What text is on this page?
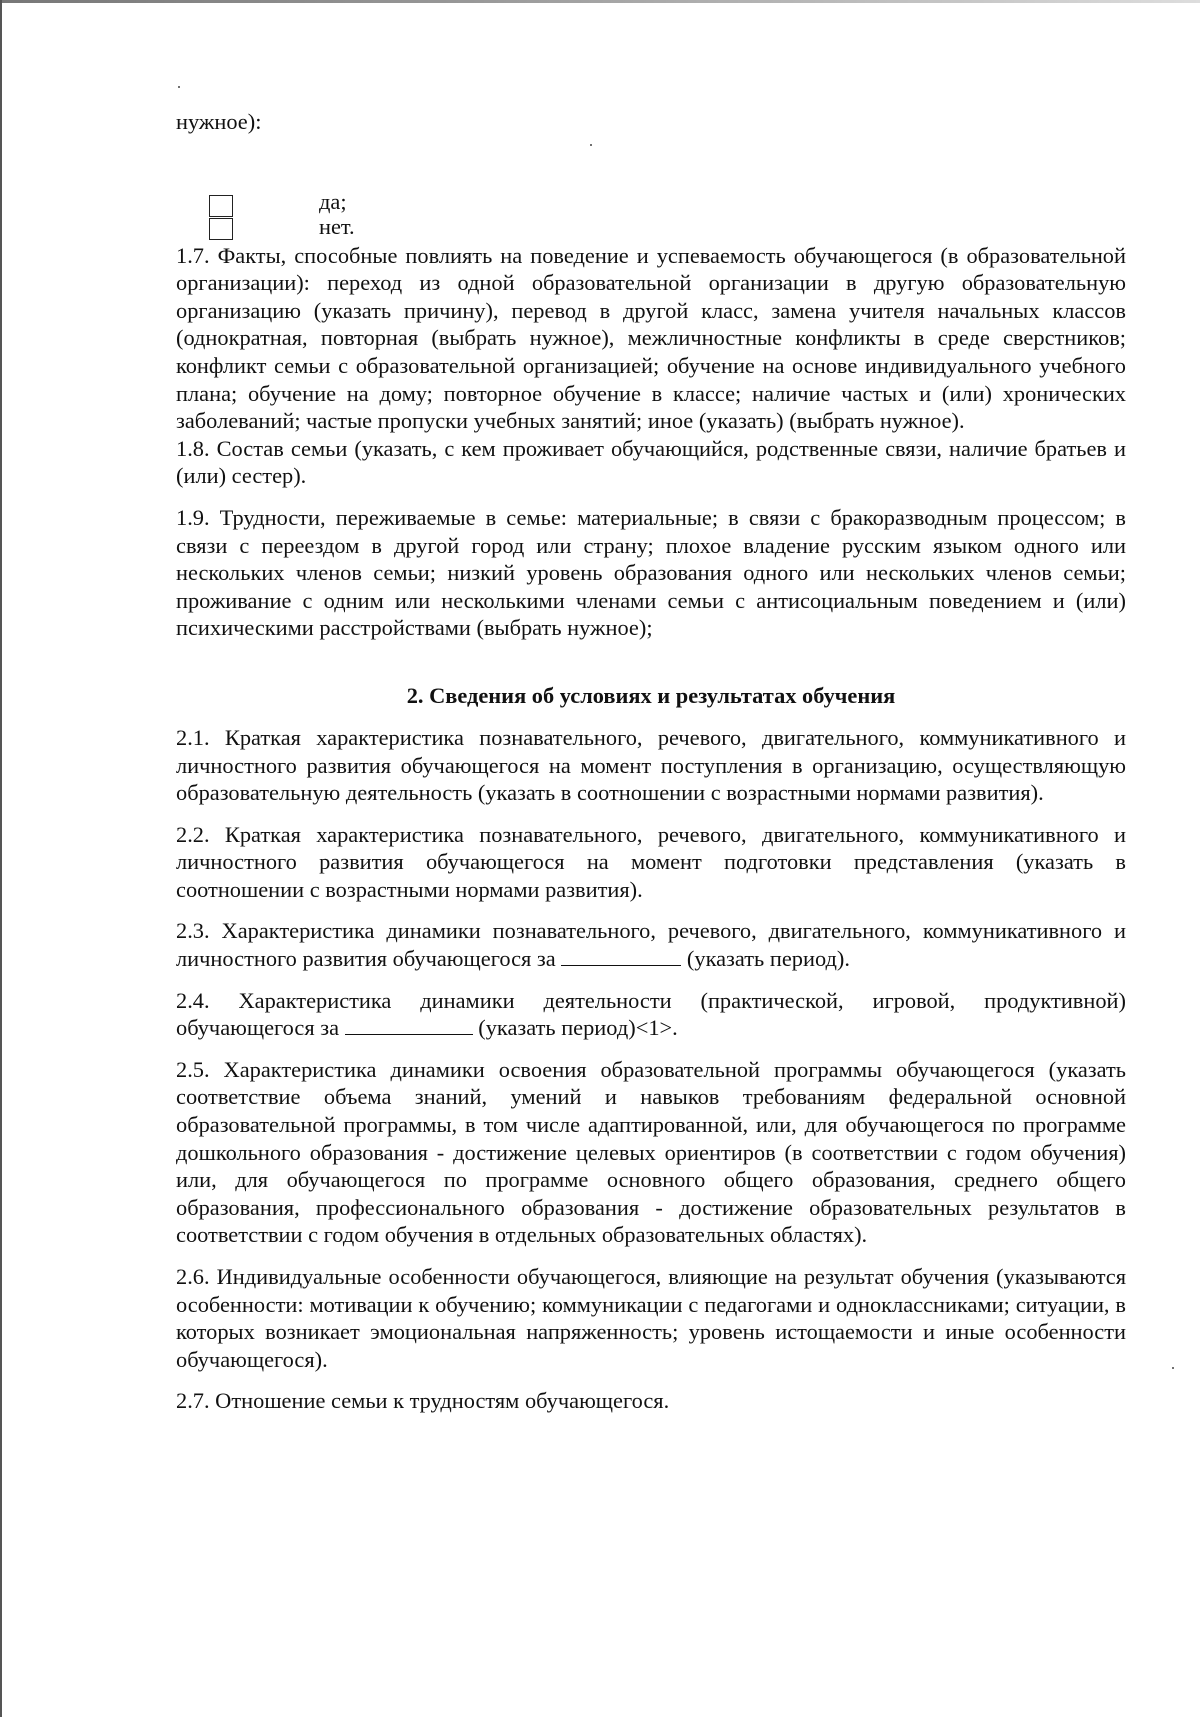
нужное):

да;
нет.

1.7. Факты, способные повлиять на поведение и успеваемость обучающегося (в образовательной организации): переход из одной образовательной организации в другую образовательную организацию (указать причину), перевод в другой класс, замена учителя начальных классов (однократная, повторная (выбрать нужное), межличностные конфликты в среде сверстников; конфликт семьи с образовательной организацией; обучение на основе индивидуального учебного плана; обучение на дому; повторное обучение в классе; наличие частых и (или) хронических заболеваний; частые пропуски учебных занятий; иное (указать) (выбрать нужное).

1.8. Состав семьи (указать, с кем проживает обучающийся, родственные связи, наличие братьев и (или) сестер).

1.9. Трудности, переживаемые в семье: материальные; в связи с бракоразводным процессом; в связи с переездом в другой город или страну; плохое владение русским языком одного или нескольких членов семьи; низкий уровень образования одного или нескольких членов семьи; проживание с одним или несколькими членами семьи с антисоциальным поведением и (или) психическими расстройствами (выбрать нужное);

2. Сведения об условиях и результатах обучения

2.1. Краткая характеристика познавательного, речевого, двигательного, коммуникативного и личностного развития обучающегося на момент поступления в организацию, осуществляющую образовательную деятельность (указать в соотношении с возрастными нормами развития).

2.2. Краткая характеристика познавательного, речевого, двигательного, коммуникативного и личностного развития обучающегося на момент подготовки представления (указать в соотношении с возрастными нормами развития).

2.3. Характеристика динамики познавательного, речевого, двигательного, коммуникативного и личностного развития обучающегося за	(указать период).

2.4. Характеристика динамики деятельности (практической, игровой, продуктивной) обучающегося за	(указать период)<1>.

2.5. Характеристика динамики освоения образовательной программы обучающегося (указать соответствие объема знаний, умений и навыков требованиям федеральной основной образовательной программы, в том числе адаптированной, или, для обучающегося по программе дошкольного образования - достижение целевых ориентиров (в соответствии с годом обучения) или, для обучающегося по программе основного общего образования, среднего общего образования, профессионального образования - достижение образовательных результатов в соответствии с годом обучения в отдельных образовательных областях).

2.6. Индивидуальные особенности обучающегося, влияющие на результат обучения (указываются особенности: мотивации к обучению; коммуникации с педагогами и одноклассниками; ситуации, в которых возникает эмоциональная напряженность; уровень истощаемости и иные особенности обучающегося).

2.7. Отношение семьи к трудностям обучающегося.
